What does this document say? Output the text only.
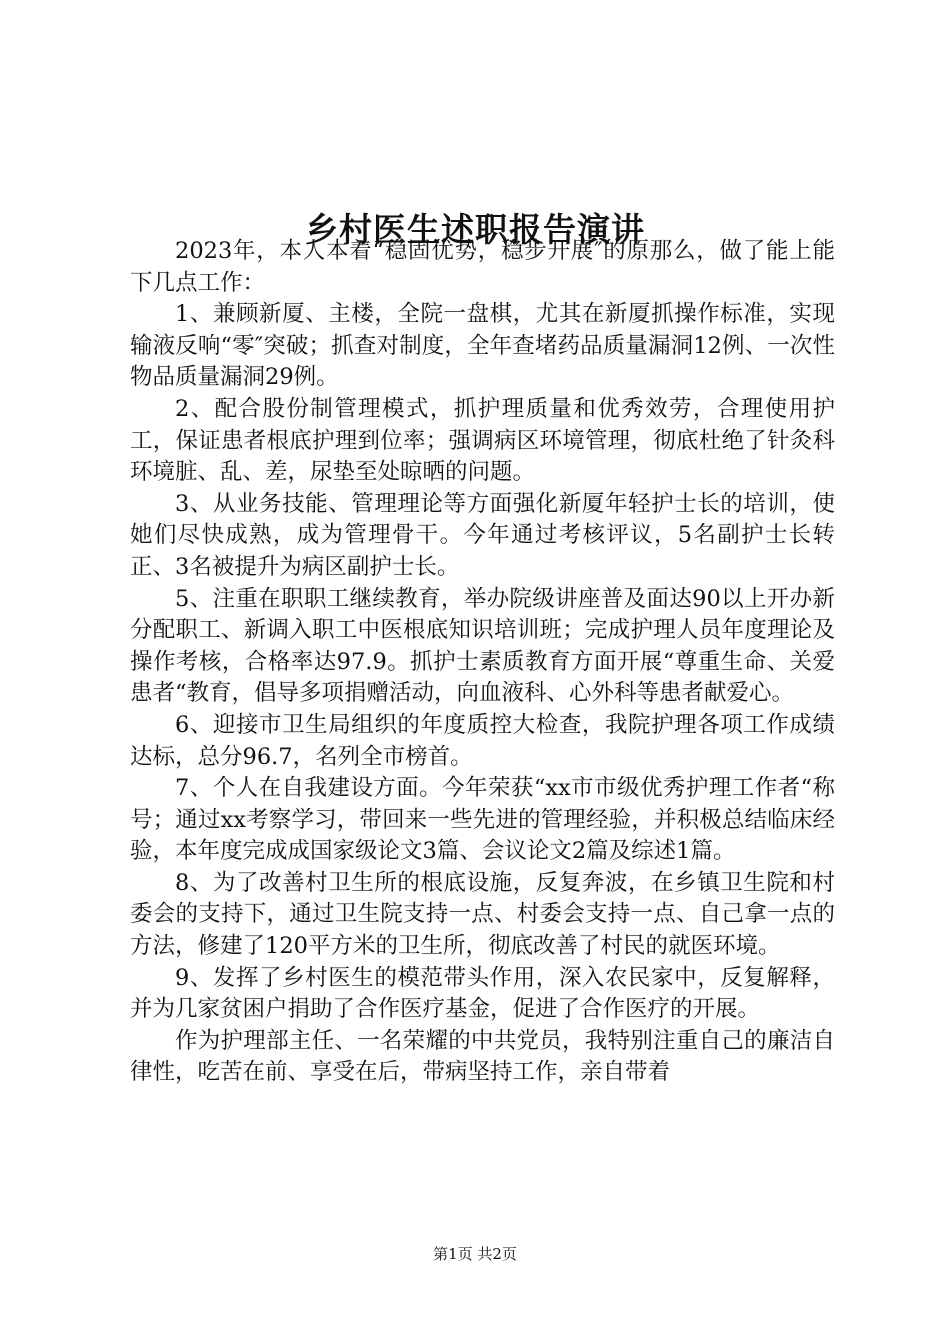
乡村医生述职报告演讲

2023年，本人本着“稳固优势，稳步开展″的原那么，做了能上能下几点工作：

1、兼顾新厦、主楼，全院一盘棋，尤其在新厦抓操作标准，实现输液反响“零″突破；抓查对制度，全年查堵药品质量漏洞12例、一次性物品质量漏洞29例。

2、配合股份制管理模式，抓护理质量和优秀效劳，合理使用护工，保证患者根底护理到位率；强调病区环境管理，彻底杜绝了针灸科环境脏、乱、差，尿垫至处晾晒的问题。

3、从业务技能、管理理论等方面强化新厦年轻护士长的培训，使她们尽快成熟，成为管理骨干。今年通过考核评议，5名副护士长转正、3名被提升为病区副护士长。

5、注重在职职工继续教育，举办院级讲座普及面达90以上开办新分配职工、新调入职工中医根底知识培训班；完成护理人员年度理论及操作考核，合格率达97.9。抓护士素质教育方面开展“尊重生命、关爱患者“教育，倡导多项捐赠活动，向血液科、心外科等患者献爱心。

6、迎接市卫生局组织的年度质控大检查，我院护理各项工作成绩达标，总分96.7，名列全市榜首。

7、个人在自我建设方面。今年荣获“xx市市级优秀护理工作者“称号；通过xx考察学习，带回来一些先进的管理经验，并积极总结临床经验，本年度完成成国家级论文3篇、会议论文2篇及综述1篇。

8、为了改善村卫生所的根底设施，反复奔波，在乡镇卫生院和村委会的支持下，通过卫生院支持一点、村委会支持一点、自己拿一点的方法，修建了120平方米的卫生所，彻底改善了村民的就医环境。

9、发挥了乡村医生的模范带头作用，深入农民家中，反复解释，并为几家贫困户捐助了合作医疗基金，促进了合作医疗的开展。

作为护理部主任、一名荣耀的中共党员，我特别注重自己的廉洁自律性，吃苦在前、享受在后，带病坚持工作，亲自带着

第1页 共2页
